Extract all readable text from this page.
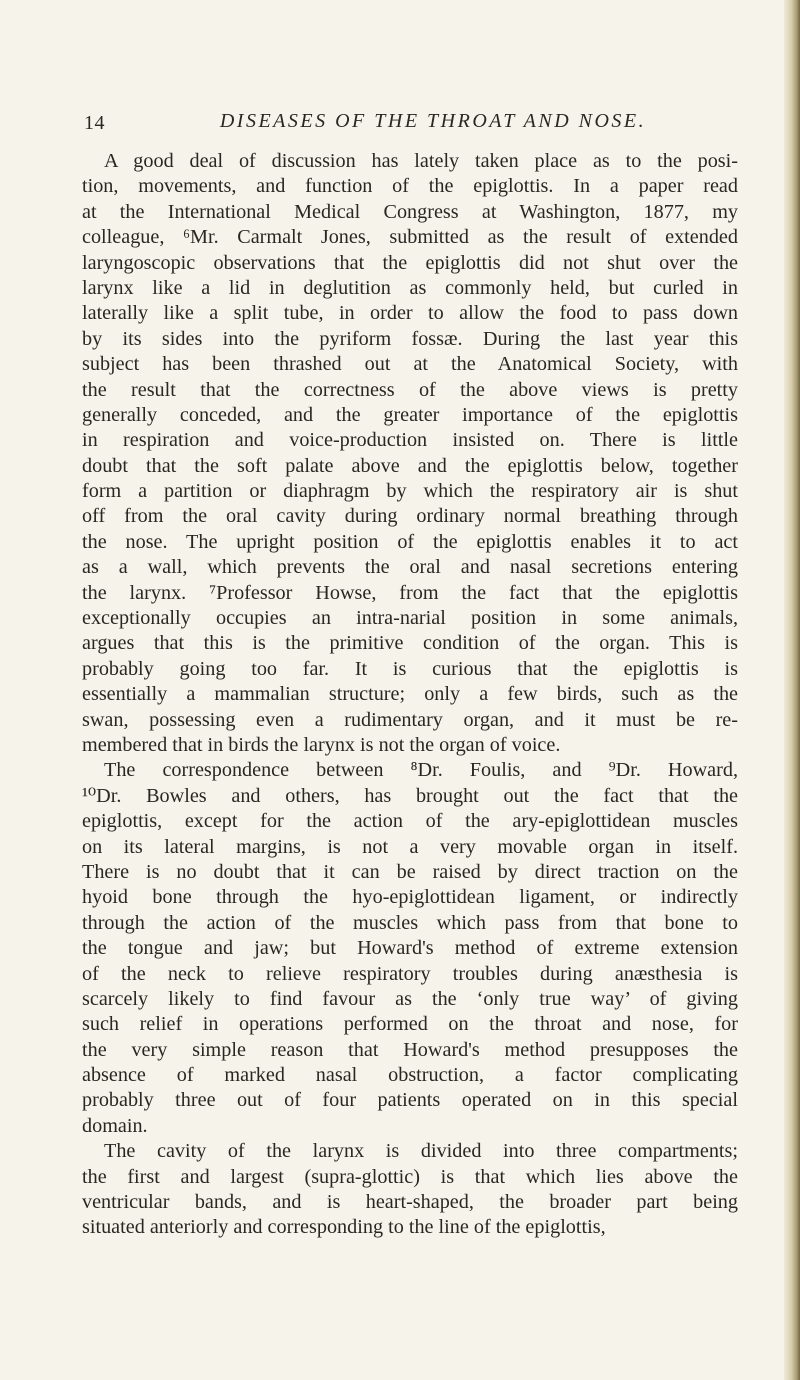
14	DISEASES OF THE THROAT AND NOSE.
A good deal of discussion has lately taken place as to the posi-
tion, movements, and function of the epiglottis. In a paper read
at the International Medical Congress at Washington, 1877, my
colleague, ⁶Mr. Carmalt Jones, submitted as the result of extended
laryngoscopic observations that the epiglottis did not shut over the
larynx like a lid in deglutition as commonly held, but curled in
laterally like a split tube, in order to allow the food to pass down
by its sides into the pyriform fossæ. During the last year this
subject has been thrashed out at the Anatomical Society, with
the result that the correctness of the above views is pretty
generally conceded, and the greater importance of the epiglottis
in respiration and voice-production insisted on. There is little
doubt that the soft palate above and the epiglottis below, together
form a partition or diaphragm by which the respiratory air is shut
off from the oral cavity during ordinary normal breathing through
the nose. The upright position of the epiglottis enables it to act
as a wall, which prevents the oral and nasal secretions entering
the larynx. ⁷Professor Howse, from the fact that the epiglottis
exceptionally occupies an intra-narial position in some animals,
argues that this is the primitive condition of the organ. This is
probably going too far. It is curious that the epiglottis is
essentially a mammalian structure; only a few birds, such as the
swan, possessing even a rudimentary organ, and it must be re-
membered that in birds the larynx is not the organ of voice.
The correspondence between ⁸Dr. Foulis, and ⁹Dr. Howard,
¹⁰Dr. Bowles and others, has brought out the fact that the
epiglottis, except for the action of the ary-epiglottidean muscles
on its lateral margins, is not a very movable organ in itself.
There is no doubt that it can be raised by direct traction on the
hyoid bone through the hyo-epiglottidean ligament, or indirectly
through the action of the muscles which pass from that bone to
the tongue and jaw; but Howard's method of extreme extension
of the neck to relieve respiratory troubles during anæsthesia is
scarcely likely to find favour as the ‘only true way’ of giving
such relief in operations performed on the throat and nose, for
the very simple reason that Howard's method presupposes the
absence of marked nasal obstruction, a factor complicating
probably three out of four patients operated on in this special
domain.
The cavity of the larynx is divided into three compartments;
the first and largest (supra-glottic) is that which lies above the
ventricular bands, and is heart-shaped, the broader part being
situated anteriorly and corresponding to the line of the epiglottis,
